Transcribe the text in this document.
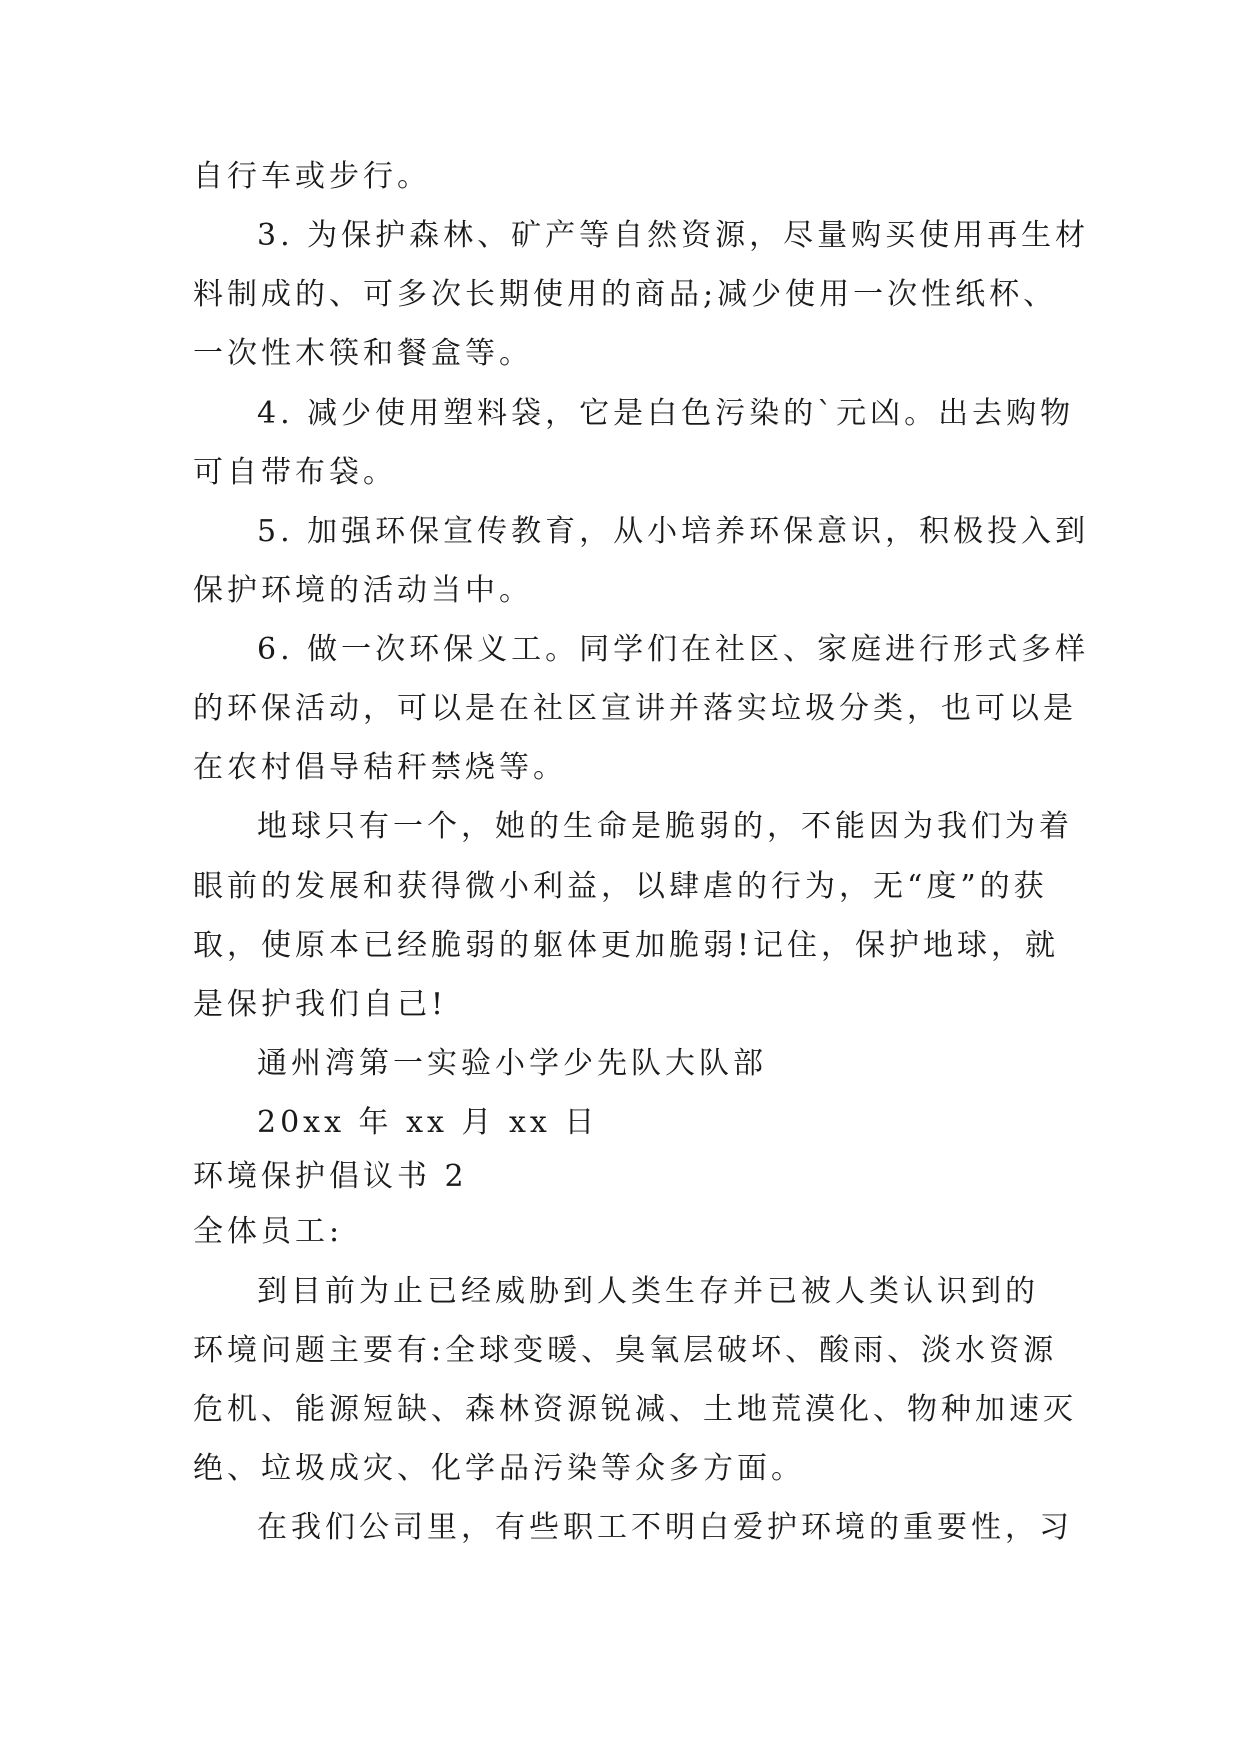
自行车或步行。

3. 为保护森林、矿产等自然资源，尽量购买使用再生材

料制成的、可多次长期使用的商品;减少使用一次性纸杯、

一次性木筷和餐盒等。

4. 减少使用塑料袋，它是白色污染的`元凶。出去购物

可自带布袋。

5. 加强环保宣传教育，从小培养环保意识，积极投入到

保护环境的活动当中。

6. 做一次环保义工。同学们在社区、家庭进行形式多样

的环保活动，可以是在社区宣讲并落实垃圾分类，也可以是

在农村倡导秸秆禁烧等。

地球只有一个，她的生命是脆弱的，不能因为我们为着

眼前的发展和获得微小利益，以肆虐的行为，无“度”的获

取，使原本已经脆弱的躯体更加脆弱!记住，保护地球，就

是保护我们自己!

通州湾第一实验小学少先队大队部

20xx 年 xx 月 xx 日

环境保护倡议书 2

全体员工:

到目前为止已经威胁到人类生存并已被人类认识到的

环境问题主要有:全球变暖、臭氧层破坏、酸雨、淡水资源

危机、能源短缺、森林资源锐减、土地荒漠化、物种加速灭

绝、垃圾成灾、化学品污染等众多方面。

在我们公司里，有些职工不明白爱护环境的重要性，习
